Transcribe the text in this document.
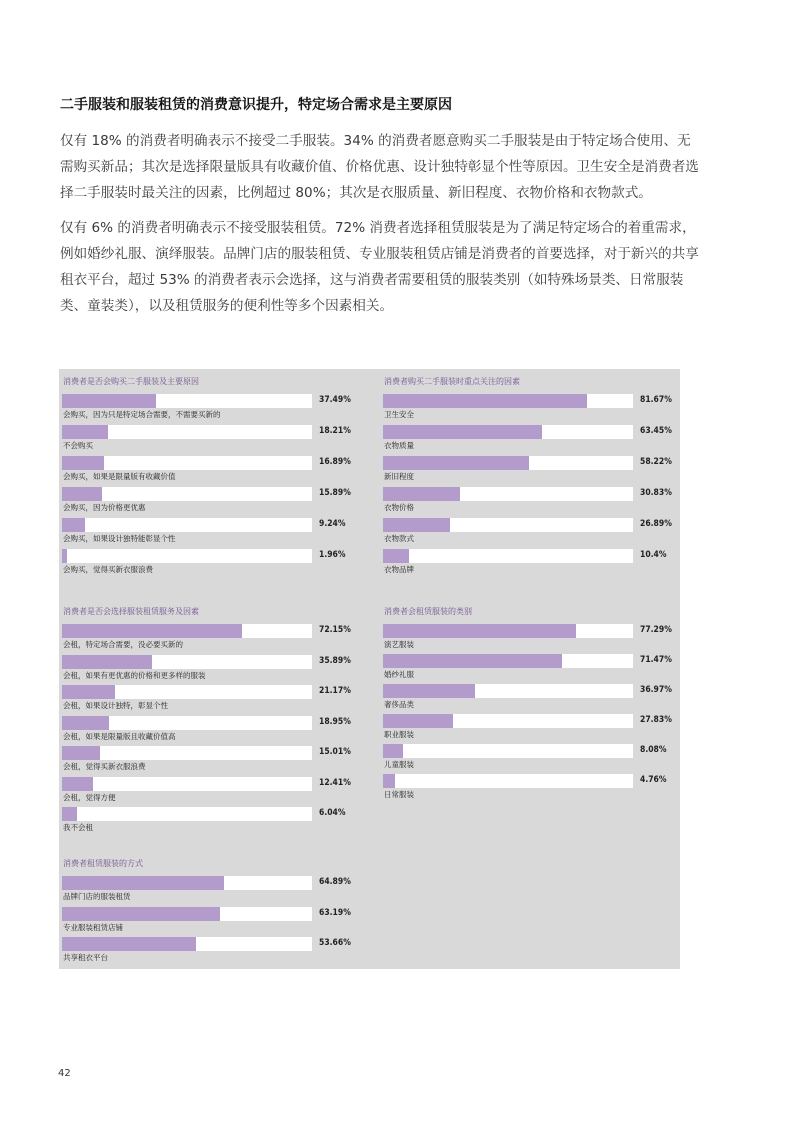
二手服装和服装租赁的消费意识提升，特定场合需求是主要原因

仅有 18% 的消费者明确表示不接受二手服装。34% 的消费者愿意购买二手服装是由于特定场合使用、无需购买新品；其次是选择限量版具有收藏价值、价格优惠、设计独特彰显个性等原因。卫生安全是消费者选择二手服装时最关注的因素，比例超过 80%；其次是衣服质量、新旧程度、衣物价格和衣物款式。

仅有 6% 的消费者明确表示不接受服装租赁。72% 消费者选择租赁服装是为了满足特定场合的着重需求，例如婚纱礼服、演绎服装。品牌门店的服装租赁、专业服装租赁店铺是消费者的首要选择，对于新兴的共享租衣平台，超过 53% 的消费者表示会选择，这与消费者需要租赁的服装类别（如特殊场景类、日常服装类、童装类），以及租赁服务的便利性等多个因素相关。

消费者是否会购买二手服装及主要原因
37.49%
会购买，因为只是特定场合需要，不需要买新的
18.21%
不会购买
16.89%
会购买，如果是限量版有收藏价值
15.89%
会购买，因为价格更优惠
9.24%
会购买，如果设计独特能彰显个性
1.96%
会购买，觉得买新衣服浪费
消费者购买二手服装时重点关注的因素
81.67%
卫生安全
63.45%
衣物质量
58.22%
新旧程度
30.83%
衣物价格
26.89%
衣物款式
10.4%
衣物品牌
消费者是否会选择服装租赁服务及因素
72.15%
会租，特定场合需要，没必要买新的
35.89%
会租，如果有更优惠的价格和更多样的服装
21.17%
会租，如果设计独特，彰显个性
18.95%
会租，如果是限量版且收藏价值高
15.01%
会租，觉得买新衣服浪费
12.41%
会租，觉得方便
6.04%
我不会租
消费者会租赁服装的类别
77.29%
演艺服装
71.47%
婚纱礼服
36.97%
奢侈品类
27.83%
职业服装
8.08%
儿童服装
4.76%
日常服装
消费者租赁服装的方式
64.89%
品牌门店的服装租赁
63.19%
专业服装租赁店铺
53.66%
共享租衣平台
42
